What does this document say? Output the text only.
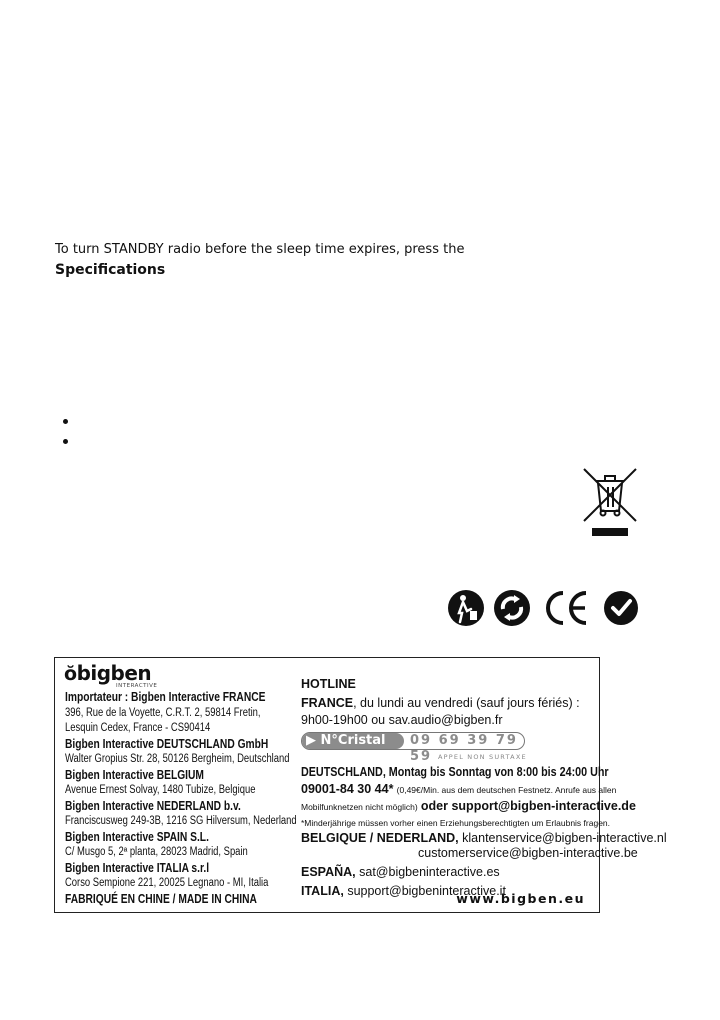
To turn STANDBY radio before the sleep time expires, press the
Specifications
ŏbigben
INTERACTIVE
Importateur : Bigben Interactive FRANCE
396, Rue de la Voyette, C.R.T. 2, 59814 Fretin,
Lesquin Cedex, France - CS90414
Bigben Interactive DEUTSCHLAND GmbH
Walter Gropius Str. 28, 50126 Bergheim, Deutschland
Bigben Interactive BELGIUM
Avenue Ernest Solvay, 1480 Tubize, Belgique
Bigben Interactive NEDERLAND b.v.
Franciscusweg 249-3B, 1216 SG Hilversum, Nederland
Bigben Interactive SPAIN S.L.
C/ Musgo 5, 2ª planta, 28023 Madrid, Spain
Bigben Interactive ITALIA s.r.l
Corso Sempione 221, 20025 Legnano - MI, Italia
FABRIQUÉ EN CHINE / MADE IN CHINA
HOTLINE
FRANCE, du lundi au vendredi (sauf jours fériés) :
9h00-19h00 ou sav.audio@bigben.fr
▶ N°Cristal	09 69 39 79 59 APPEL NON SURTAXE
DEUTSCHLAND, Montag bis Sonntag von 8:00 bis 24:00 Uhr
09001-84 30 44* (0,49€/Min. aus dem deutschen Festnetz. Anrufe aus allen
Mobilfunknetzen nicht möglich) oder support@bigben-interactive.de
*Minderjährige müssen vorher einen Erziehungsberechtigten um Erlaubnis fragen.
BELGIQUE / NEDERLAND, klantenservice@bigben-interactive.nl
customerservice@bigben-interactive.be
ESPAÑA, sat@bigbeninteractive.es
ITALIA, support@bigbeninteractive.it
www.bigben.eu
